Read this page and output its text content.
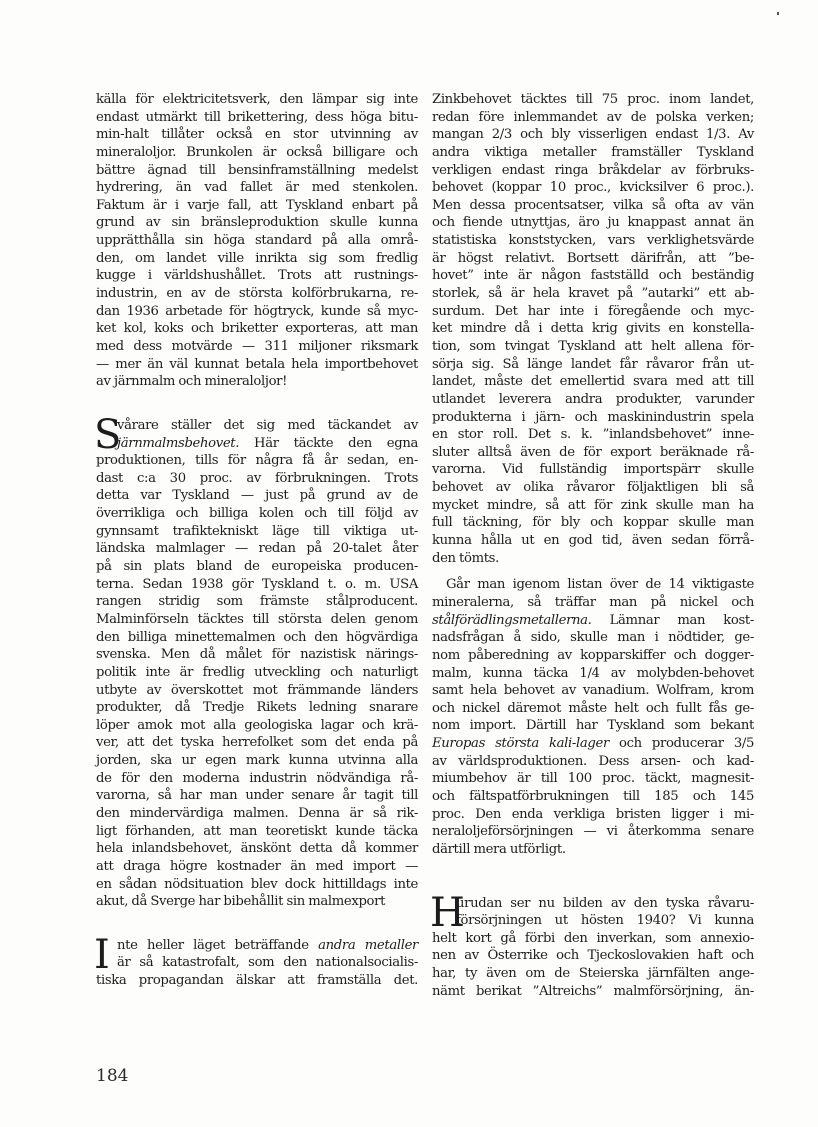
källa för elektricitetsverk, den lämpar sig inte
endast utmärkt till brikettering, dess höga bitu-
min-halt tillåter också en stor utvinning av
mineraloljor. Brunkolen är också billigare och
bättre ägnad till bensinframställning medelst
hydrering, än vad fallet är med stenkolen.
Faktum är i varje fall, att Tyskland enbart på
grund av sin bränsleproduktion skulle kunna
upprätthålla sin höga standard på alla områ-
den, om landet ville inrikta sig som fredlig
kugge i världshushållet. Trots att rustnings-
industrin, en av de största kolförbrukarna, re-
dan 1936 arbetade för högtryck, kunde så myc-
ket kol, koks och briketter exporteras, att man
med dess motvärde — 311 miljoner riksmark
— mer än väl kunnat betala hela importbehovet
av järnmalm och mineraloljor!
S
vårare ställer det sig med täckandet av
järnmalmsbehovet. Här täckte den egna
produktionen, tills för några få år sedan, en-
dast c:a 30 proc. av förbrukningen. Trots
detta var Tyskland — just på grund av de
överrikliga och billiga kolen och till följd av
gynnsamt trafiktekniskt läge till viktiga ut-
ländska malmlager — redan på 20-talet åter
på sin plats bland de europeiska producen-
terna. Sedan 1938 gör Tyskland t. o. m. USA
rangen stridig som främste stålproducent.
Malminförseln täcktes till största delen genom
den billiga minettemalmen och den högvärdiga
svenska. Men då målet för nazistisk närings-
politik inte är fredlig utveckling och naturligt
utbyte av överskottet mot främmande länders
produkter, då Tredje Rikets ledning snarare
löper amok mot alla geologiska lagar och krä-
ver, att det tyska herrefolket som det enda på
jorden, ska ur egen mark kunna utvinna alla
de för den moderna industrin nödvändiga rå-
varorna, så har man under senare år tagit till
den mindervärdiga malmen. Denna är så rik-
ligt förhanden, att man teoretiskt kunde täcka
hela inlandsbehovet, änskönt detta då kommer
att draga högre kostnader än med import —
en sådan nödsituation blev dock hittilldags inte
akut, då Sverge har bibehållit sin malmexport
I nte heller läget beträffande andra metaller
är så katastrofalt, som den nationalsocialis-
tiska propagandan älskar att framställa det.
Zinkbehovet täcktes till 75 proc. inom landet,
redan före inlemmandet av de polska verken;
mangan 2/3 och bly visserligen endast 1/3. Av
andra viktiga metaller framställer Tyskland
verkligen endast ringa bråkdelar av förbruks-
behovet (koppar 10 proc., kvicksilver 6 proc.).
Men dessa procentsatser, vilka så ofta av vän
och fiende utnyttjas, äro ju knappast annat än
statistiska konststycken, vars verklighetsvärde
är högst relativt. Bortsett därifrån, att ”be-
hovet” inte är någon fastställd och beständig
storlek, så är hela kravet på ”autarki” ett ab-
surdum. Det har inte i föregående och myc-
ket mindre då i detta krig givits en konstella-
tion, som tvingat Tyskland att helt allena för-
sörja sig. Så länge landet får råvaror från ut-
landet, måste det emellertid svara med att till
utlandet leverera andra produkter, varunder
produkterna i järn- och maskinindustrin spela
en stor roll. Det s. k. ”inlandsbehovet” inne-
sluter alltså även de för export beräknade rå-
varorna. Vid fullständig importspärr skulle
behovet av olika råvaror följaktligen bli så
mycket mindre, så att för zink skulle man ha
full täckning, för bly och koppar skulle man
kunna hålla ut en god tid, även sedan förrå-
den tömts.
Går man igenom listan över de 14 viktigaste
mineralerna, så träffar man på nickel och
stålförädlingsmetallerna. Lämnar man kost-
nadsfrågan å sido, skulle man i nödtider, ge-
nom påberedning av kopparskiffer och dogger-
malm, kunna täcka 1/4 av molybden-behovet
samt hela behovet av vanadium. Wolfram, krom
och nickel däremot måste helt och fullt fås ge-
nom import. Därtill har Tyskland som bekant
Europas största kali-lager och producerar 3/5
av världsproduktionen. Dess arsen- och kad-
miumbehov är till 100 proc. täckt, magnesit-
och fältspatförbrukningen till 185 och 145
proc. Den enda verkliga bristen ligger i mi-
neraloljeförsörjningen — vi återkomma senare
därtill mera utförligt.
H
urudan ser nu bilden av den tyska råvaru-
försörjningen ut hösten 1940? Vi kunna
helt kort gå förbi den inverkan, som annexio-
nen av Österrike och Tjeckoslovakien haft och
har, ty även om de Steierska järnfälten ange-
nämt berikat ”Altreichs” malmförsörjning, än-
184
